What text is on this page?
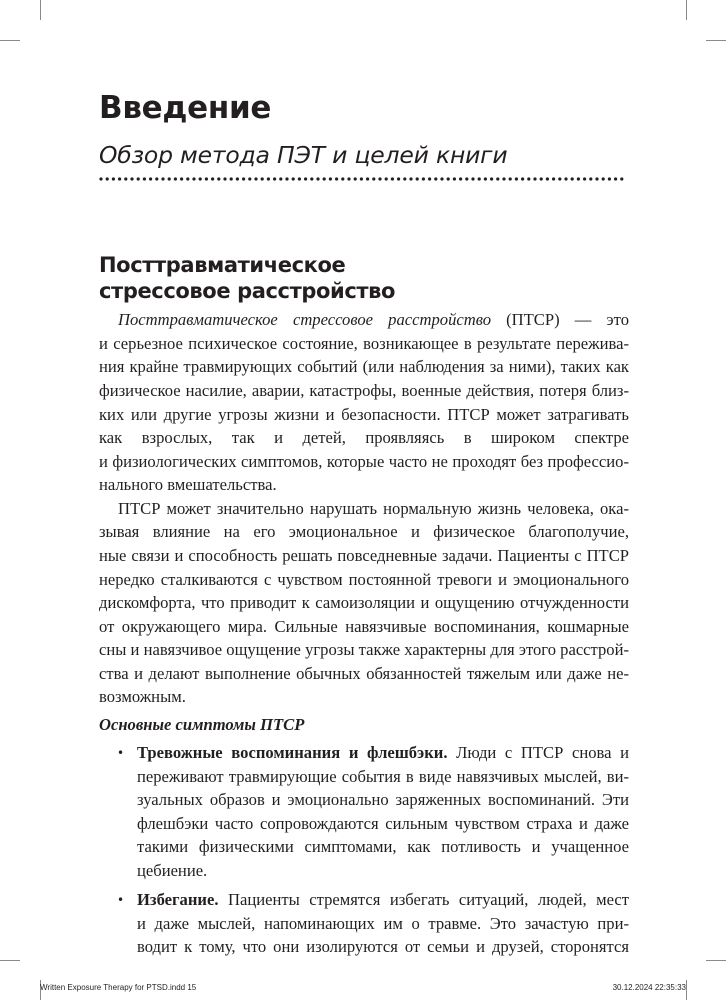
Введение
Обзор метода ПЭТ и целей книги
Посттравматическое
стрессовое расстройство
Посттравматическое стрессовое расстройство (ПТСР) — это
и серьезное психическое состояние, возникающее в результате пережива-
ния крайне травмирующих событий (или наблюдения за ними), таких как
физическое насилие, аварии, катастрофы, военные действия, потеря близ-
ких или другие угрозы жизни и безопасности. ПТСР может затрагивать
как взрослых, так и детей, проявляясь в широком спектре
и физиологических симптомов, которые часто не проходят без профессио-
нального вмешательства.
ПТСР может значительно нарушать нормальную жизнь человека, ока-
зывая влияние на его эмоциональное и физическое благополучие,
ные связи и способность решать повседневные задачи. Пациенты с ПТСР
нередко сталкиваются с чувством постоянной тревоги и эмоционального
дискомфорта, что приводит к самоизоляции и ощущению отчужденности
от окружающего мира. Сильные навязчивые воспоминания, кошмарные
сны и навязчивое ощущение угрозы также характерны для этого расстрой-
ства и делают выполнение обычных обязанностей тяжелым или даже не-
возможным.
Основные симптомы ПТСР
• Тревожные воспоминания и флешбэки. Люди с ПТСР снова и
переживают травмирующие события в виде навязчивых мыслей, ви-
зуальных образов и эмоционально заряженных воспоминаний. Эти
флешбэки часто сопровождаются сильным чувством страха и даже
такими физическими симптомами, как потливость и учащенное
цебиение.
• Избегание. Пациенты стремятся избегать ситуаций, людей, мест
и даже мыслей, напоминающих им о травме. Это зачастую при-
водит к тому, что они изолируются от семьи и друзей, сторонятся
Written Exposure Therapy for PTSD.indd 15	30.12.2024 22:35:33
